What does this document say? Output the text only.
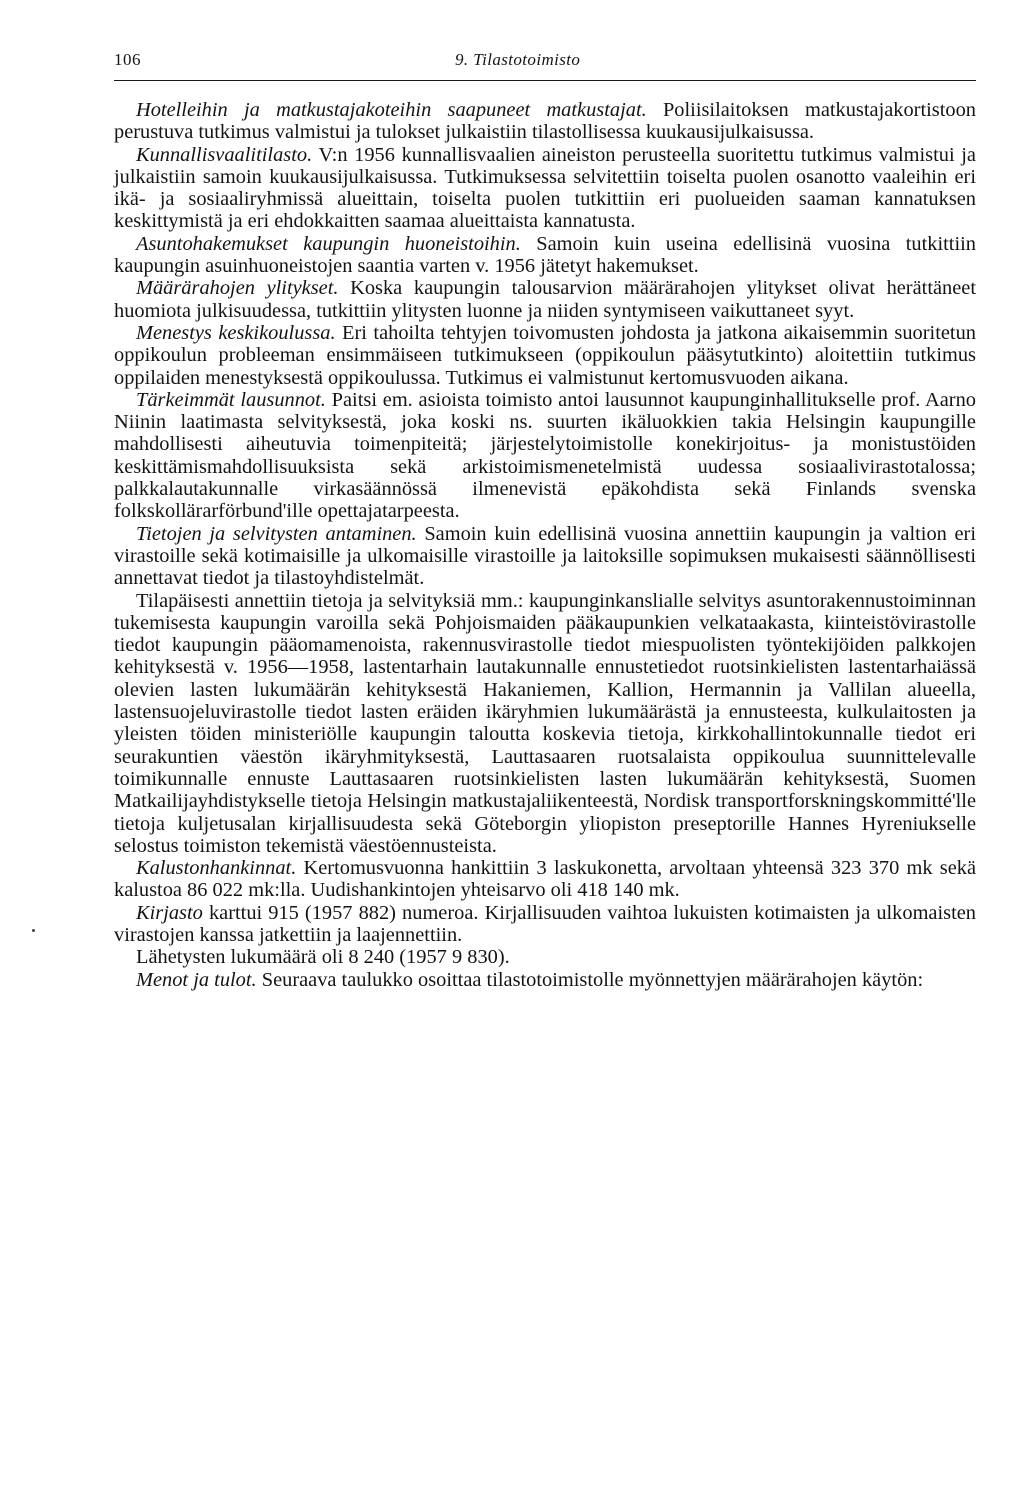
106	9. Tilastotoimisto

Hotelleihin ja matkustajakoteihin saapuneet matkustajat. Poliisilaitoksen matkustajakortistoon perustuva tutkimus valmistui ja tulokset julkaistiin tilastollisessa kuukausijulkaisussa.

Kunnallisvaalitilasto. V:n 1956 kunnallisvaalien aineiston perusteella suoritettu tutkimus valmistui ja julkaistiin samoin kuukausijulkaisussa. Tutkimuksessa selvitettiin toiselta puolen osanotto vaaleihin eri ikä- ja sosiaaliryhmissä alueittain, toiselta puolen tutkittiin eri puolueiden saaman kannatuksen keskittymistä ja eri ehdokkaitten saamaa alueittaista kannatusta.

Asuntohakemukset kaupungin huoneistoihin. Samoin kuin useina edellisinä vuosina tutkittiin kaupungin asuinhuoneistojen saantia varten v. 1956 jätetyt hakemukset.

Määrärahojen ylitykset. Koska kaupungin talousarvion määrärahojen ylitykset olivat herättäneet huomiota julkisuudessa, tutkittiin ylitysten luonne ja niiden syntymiseen vaikuttaneet syyt.

Menestys keskikoulussa. Eri tahoilta tehtyjen toivomusten johdosta ja jatkona aikaisemmin suoritetun oppikoulun probleeman ensimmäiseen tutkimukseen (oppikoulun pääsytutkinto) aloitettiin tutkimus oppilaiden menestyksestä oppikoulussa. Tutkimus ei valmistunut kertomusvuoden aikana.

Tärkeimmät lausunnot. Paitsi em. asioista toimisto antoi lausunnot kaupunginhallitukselle prof. Aarno Niinin laatimasta selvityksestä, joka koski ns. suurten ikäluokkien takia Helsingin kaupungille mahdollisesti aiheutuvia toimenpiteitä; järjestelytoimistolle konekirjoitus- ja monistustöiden keskittämismahdollisuuksista sekä arkistoimismenetelmistä uudessa sosiaalivirastotalossa; palkkalautakunnalle virkasäännössä ilmenevistä epäkohdista sekä Finlands svenska folkskollärarförbund'ille opettajatarpeesta.

Tietojen ja selvitysten antaminen. Samoin kuin edellisinä vuosina annettiin kaupungin ja valtion eri virastoille sekä kotimaisille ja ulkomaisille virastoille ja laitoksille sopimuksen mukaisesti säännöllisesti annettavat tiedot ja tilastoyhdistelmät.

Tilapäisesti annettiin tietoja ja selvityksiä mm.: kaupunginkanslialle selvitys asuntorakennustoiminnan tukemisesta kaupungin varoilla sekä Pohjoismaiden pääkaupunkien velkataakasta, kiinteistövirastolle tiedot kaupungin pääomamenoista, rakennusvirastolle tiedot miespuolisten työntekijöiden palkkojen kehityksestä v. 1956—1958, lastentarhain lautakunnalle ennustetiedot ruotsinkielisten lastentarhaiässä olevien lasten lukumäärän kehityksestä Hakaniemen, Kallion, Hermannin ja Vallilan alueella, lastensuojeluvirastolle tiedot lasten eräiden ikäryhmien lukumäärästä ja ennusteesta, kulkulaitosten ja yleisten töiden ministeriölle kaupungin taloutta koskevia tietoja, kirkkohallintokunnalle tiedot eri seurakuntien väestön ikäryhmityksestä, Lauttasaaren ruotsalaista oppikoulua suunnittelevalle toimikunnalle ennuste Lauttasaaren ruotsinkielisten lasten lukumäärän kehityksestä, Suomen Matkailijayhdistykselle tietoja Helsingin matkustajaliikenteestä, Nordisk transportforskningskommitté'lle tietoja kuljetusalan kirjallisuudesta sekä Göteborgin yliopiston preseptorille Hannes Hyreniukselle selostus toimiston tekemistä väestöennusteista.

Kalustonhankinnat. Kertomusvuonna hankittiin 3 laskukonetta, arvoltaan yhteensä 323 370 mk sekä kalustoa 86 022 mk:lla. Uudishankintojen yhteisarvo oli 418 140 mk.

Kirjasto karttui 915 (1957 882) numeroa. Kirjallisuuden vaihtoa lukuisten kotimaisten ja ulkomaisten virastojen kanssa jatkettiin ja laajennettiin.

Lähetysten lukumäärä oli 8 240 (1957 9 830).

Menot ja tulot. Seuraava taulukko osoittaa tilastotoimistolle myönnettyjen määrärahojen käytön:
